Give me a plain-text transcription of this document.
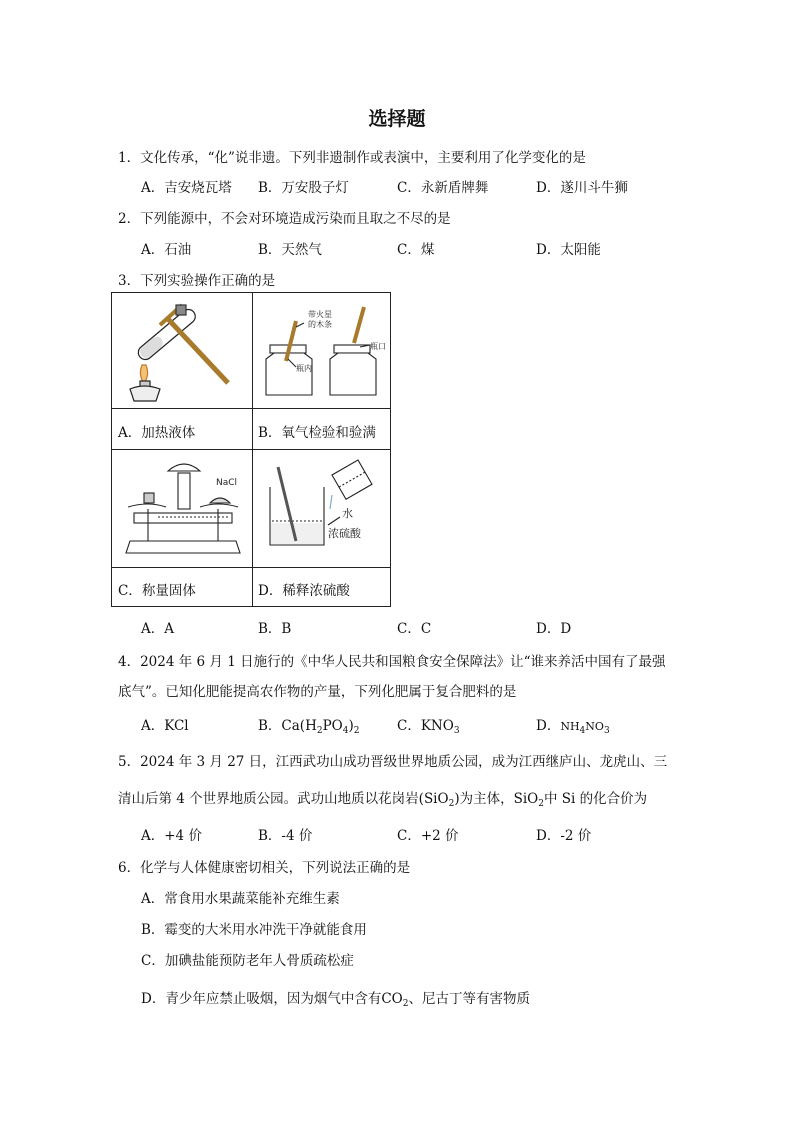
选择题
1．文化传承，“化”说非遗。下列非遗制作或表演中，主要利用了化学变化的是
A．吉安烧瓦塔 B．万安股子灯	C．永新盾牌舞	D．遂川斗牛狮
2．下列能源中，不会对环境造成污染而且取之不尽的是
A．石油	B．天然气	C．煤	D．太阳能
3．下列实验操作正确的是
带火星
的木条
瓶口
瓶内
A．加热液体	B．氧气检验和验满
NaCl
水
浓硫酸
C．称量固体	D．稀释浓硫酸
A．A	B．B	C．C	D．D
4．2024 年 6 月 1 日施行的《中华人民共和国粮食安全保障法》让“谁来养活中国有了最强
底气”。已知化肥能提高农作物的产量，下列化肥属于复合肥料的是
A．KCl	B．$Ca(H_2PO_4)_2$	C．$KNO_3$	D．$NH_4NO_3$
5．2024 年 3 月 27 日，江西武功山成功晋级世界地质公园，成为江西继庐山、龙虎山、三
清山后第 4 个世界地质公园。武功山地质以花岗岩(SiO$_2$)为主体，SiO$_2$中 Si 的化合价为
A．+4 价	B．-4 价	C．+2 价	D．-2 价
6．化学与人体健康密切相关，下列说法正确的是
A．常食用水果蔬菜能补充维生素
B．霉变的大米用水冲洗干净就能食用
C．加碘盐能预防老年人骨质疏松症
D．青少年应禁止吸烟，因为烟气中含有$CO_2$、尼古丁等有害物质
